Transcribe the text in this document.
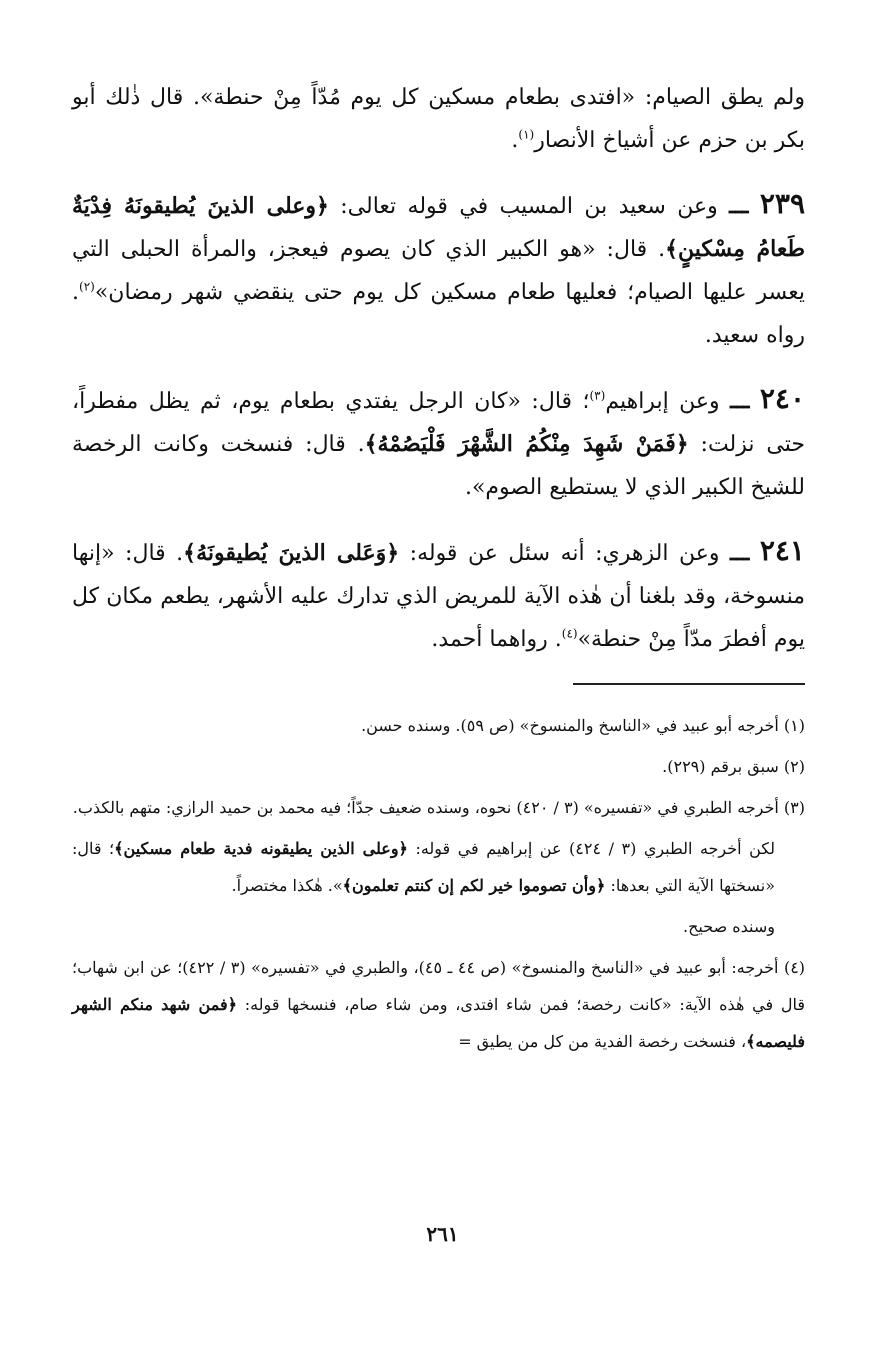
ولم يطق الصيام: «افتدى بطعام مسكين كل يوم مُدّاً مِنْ حنطة». قال ذٰلك أبو بكر بن حزم عن أشياخ الأنصار$^{(١)}$.

٢٣٩ ـــ وعن سعيد بن المسيب في قوله تعالى: ﴿وعلى الذينَ يُطيقونَهُ فِدْيَةٌ طَعامُ مِسْكينٍ﴾. قال: «هو الكبير الذي كان يصوم فيعجز، والمرأة الحبلى التي يعسر عليها الصيام؛ فعليها طعام مسكين كل يوم حتى ينقضي شهر رمضان»$^{(٢)}$. رواه سعيد.

٢٤٠ ـــ وعن إبراهيم$^{(٣)}$؛ قال: «كان الرجل يفتدي بطعام يوم، ثم يظل مفطراً، حتى نزلت: ﴿فَمَنْ شَهِدَ مِنْكُمُ الشَّهْرَ فَلْيَصُمْهُ﴾. قال: فنسخت وكانت الرخصة للشيخ الكبير الذي لا يستطيع الصوم».

٢٤١ ـــ وعن الزهري: أنه سئل عن قوله: ﴿وَعَلى الذينَ يُطيقونَهُ﴾. قال: «إنها منسوخة، وقد بلغنا أن هٰذه الآية للمريض الذي تدارك عليه الأشهر، يطعم مكان كل يوم أفطرَ مدّاً مِنْ حنطة»$^{(٤)}$. رواهما أحمد.

(١) أخرجه أبو عبيد في «الناسخ والمنسوخ» (ص ٥٩). وسنده حسن.

(٢) سبق برقم (٢٢٩).

(٣) أخرجه الطبري في «تفسيره» (٣ / ٤٢٠) نحوه، وسنده ضعيف جدّاً؛ فيه محمد بن حميد الرازي: متهم بالكذب.

لكن أخرجه الطبري (٣ / ٤٢٤) عن إبراهيم في قوله: ﴿وعلى الذين يطيقونه فدية طعام مسكين﴾؛ قال: «نسختها الآية التي بعدها: ﴿وأن تصوموا خير لكم إن كنتم تعلمون﴾». هٰكذا مختصراً.

وسنده صحيح.

(٤) أخرجه: أبو عبيد في «الناسخ والمنسوخ» (ص ٤٤ ـ ٤٥)، والطبري في «تفسيره» (٣ / ٤٢٢)؛ عن ابن شهاب؛ قال في هٰذه الآية: «كانت رخصة؛ فمن شاء افتدى، ومن شاء صام، فنسخها قوله: ﴿فمن شهد منكم الشهر فليصمه﴾، فنسخت رخصة الفدية من كل من يطيق =

٢٦١
